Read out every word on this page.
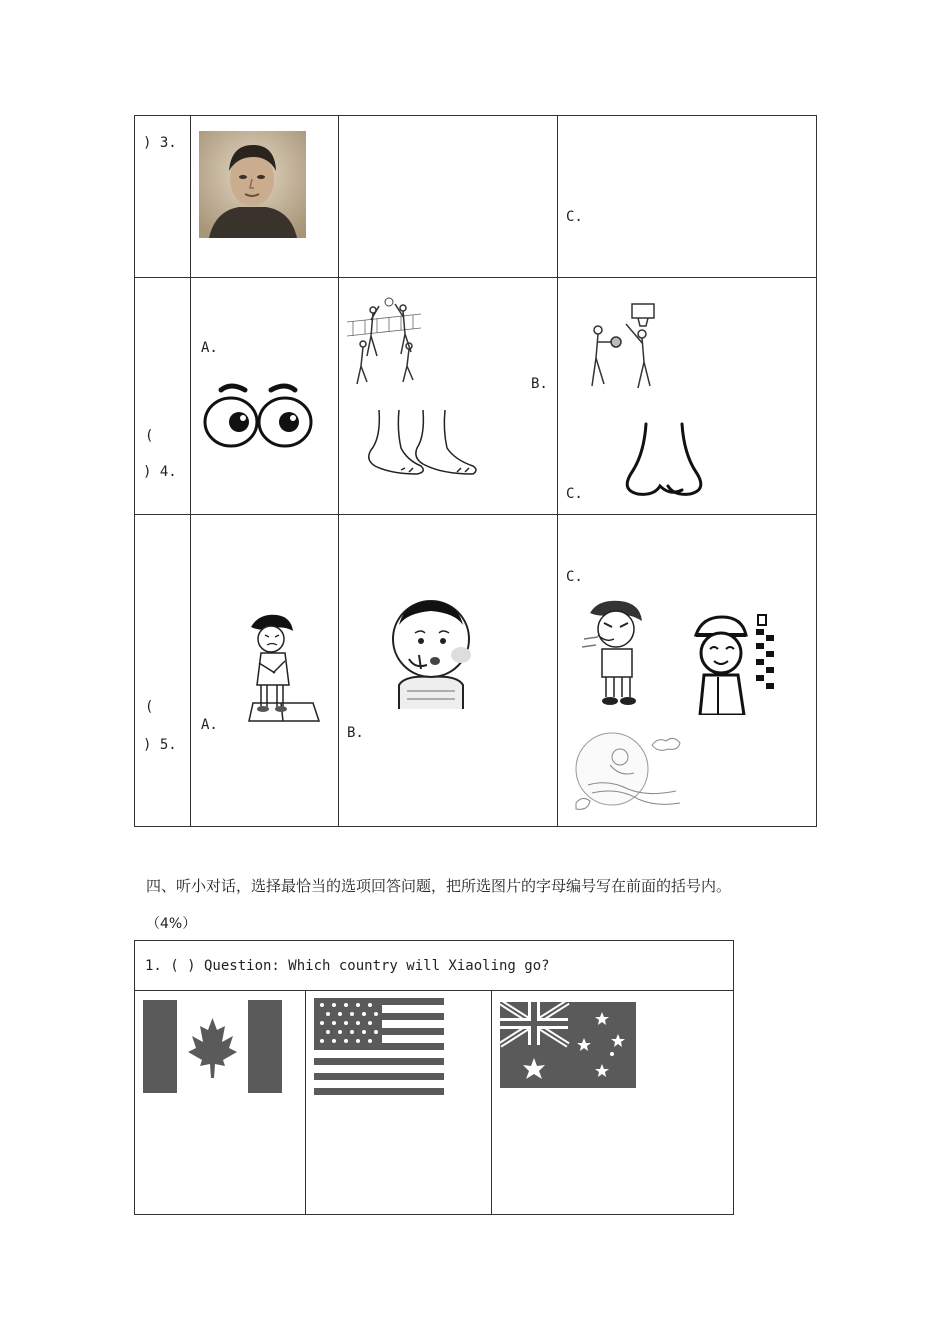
) 3.			C.

(
) 4.	A.	B.	C.

(
) 5.	A.	B.	C.
四、听小对话，选择最恰当的选项回答问题，把所选图片的字母编号写在前面的括号内。
（4%）
1. ( ) Question: Which country will Xiaoling go?
